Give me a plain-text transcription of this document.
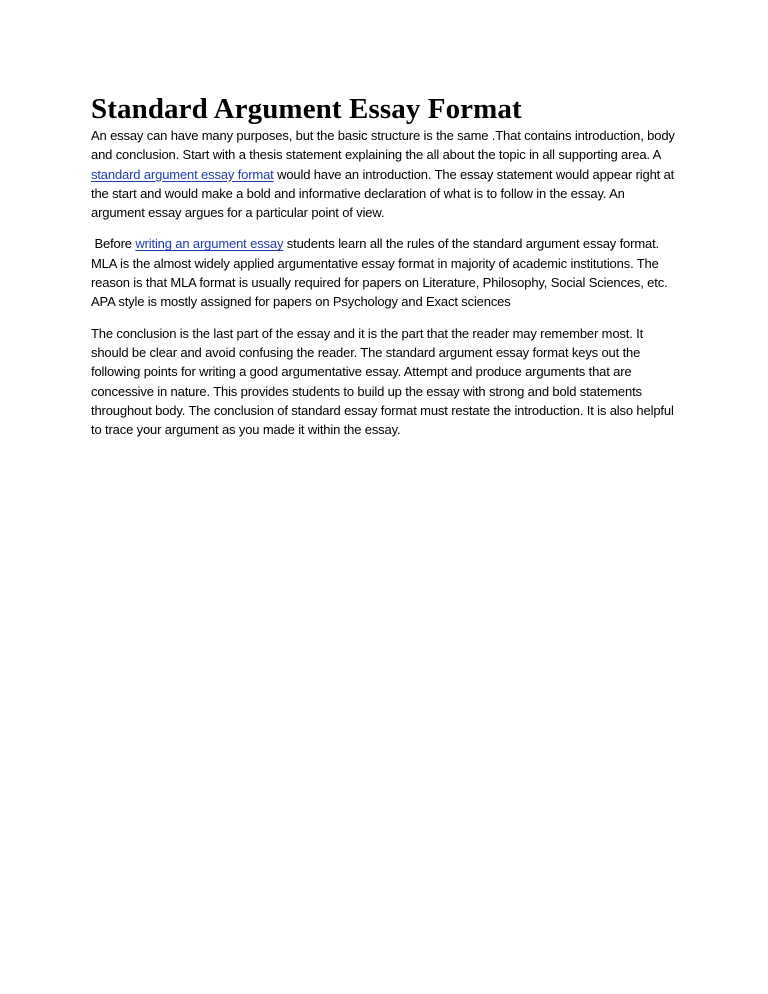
Standard Argument Essay Format

An essay can have many purposes, but the basic structure is the same .That contains introduction, body and conclusion. Start with a thesis statement explaining the all about the topic in all supporting area. A standard argument essay format would have an introduction. The essay statement would appear right at the start and would make a bold and informative declaration of what is to follow in the essay. An argument essay argues for a particular point of view.

Before writing an argument essay students learn all the rules of the standard argument essay format. MLA is the almost widely applied argumentative essay format in majority of academic institutions. The reason is that MLA format is usually required for papers on Literature, Philosophy, Social Sciences, etc. APA style is mostly assigned for papers on Psychology and Exact sciences

The conclusion is the last part of the essay and it is the part that the reader may remember most. It should be clear and avoid confusing the reader. The standard argument essay format keys out the following points for writing a good argumentative essay. Attempt and produce arguments that are concessive in nature. This provides students to build up the essay with strong and bold statements throughout body. The conclusion of standard essay format must restate the introduction. It is also helpful to trace your argument as you made it within the essay.
